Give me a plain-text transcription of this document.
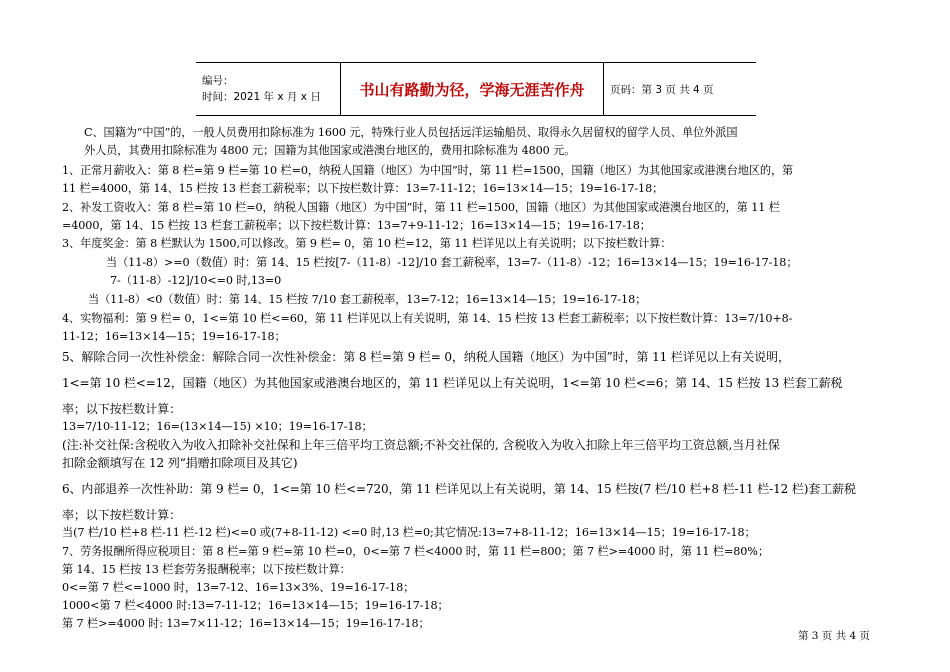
编号：
时间：2021 年 x 月 x 日	书山有路勤为径，学海无涯苦作舟 页码：第 3 页 共 4 页
C、国籍为“中国”的，一般人员费用扣除标准为 1600 元，特殊行业人员包括远洋运输船员、取得永久居留权的留学人员、单位外派国
外人员，其费用扣除标准为 4800 元；国籍为其他国家或港澳台地区的，费用扣除标准为 4800 元。
1、正常月薪收入：第 8 栏=第 9 栏=第 10 栏=0，纳税人国籍（地区）为中国”时，第 11 栏=1500，国籍（地区）为其他国家或港澳台地区的，第
11 栏=4000，第 14、15 栏按 13 栏套工薪税率；以下按栏数计算：13=7-11-12；16=13×14—15；19=16-17-18；
2、补发工资收入：第 8 栏=第 10 栏=0，纳税人国籍（地区）为中国”时，第 11 栏=1500，国籍（地区）为其他国家或港澳台地区的，第 11 栏
=4000，第 14、15 栏按 13 栏套工薪税率；以下按栏数计算：13=7+9-11-12；16=13×14—15；19=16-17-18；
3、年度奖金：第 8 栏默认为 1500,可以修改。第 9 栏= 0，第 10 栏=12，第 11 栏详见以上有关说明；以下按栏数计算：
当（11-8）>=0（数值）时：第 14、15 栏按[7-（11-8）-12]/10 套工薪税率，13=7-（11-8）-12；16=13×14—15；19=16-17-18；
7-（11-8）-12]/10<=0 时,13=0
当（11-8）<0（数值）时：第 14、15 栏按 7/10 套工薪税率，13=7-12；16=13×14—15；19=16-17-18；
4、实物福利：第 9 栏= 0，1<=第 10 栏<=60，第 11 栏详见以上有关说明，第 14、15 栏按 13 栏套工薪税率；以下按栏数计算：13=7/10+8-
11-12；16=13×14—15；19=16-17-18；
5、解除合同一次性补偿金：解除合同一次性补偿金：第 8 栏=第 9 栏= 0，纳税人国籍（地区）为中国”时，第 11 栏详见以上有关说明，
1<=第 10 栏<=12，国籍（地区）为其他国家或港澳台地区的，第 11 栏详见以上有关说明，1<=第 10 栏<=6；第 14、15 栏按 13 栏套工薪税
率；以下按栏数计算：
13=7/10-11-12；16=(13×14—15) ×10；19=16-17-18；
(注:补交社保:含税收入为收入扣除补交社保和上年三倍平均工资总额;不补交社保的, 含税收入为收入扣除上年三倍平均工资总额,当月社保
扣除金额填写在 12 列“捐赠扣除项目及其它)
6、内部退养一次性补助：第 9 栏= 0，1<=第 10 栏<=720，第 11 栏详见以上有关说明，第 14、15 栏按(7 栏/10 栏+8 栏-11 栏-12 栏)套工薪税
率；以下按栏数计算：
当(7 栏/10 栏+8 栏-11 栏-12 栏)<=0 或(7+8-11-12) <=0 时,13 栏=0;其它情况:13=7+8-11-12；16=13×14—15；19=16-17-18；
7、劳务报酬所得应税项目：第 8 栏=第 9 栏=第 10 栏=0，0<=第 7 栏<4000 时，第 11 栏=800；第 7 栏>=4000 时，第 11 栏=80%；
第 14、15 栏按 13 栏套劳务报酬税率；以下按栏数计算：
0<=第 7 栏<=1000 时，13=7-12、16=13×3%、19=16-17-18；
1000<第 7 栏<4000 时:13=7-11-12；16=13×14—15；19=16-17-18；
第 7 栏>=4000 时: 13=7×11-12；16=13×14—15；19=16-17-18；
第 3 页 共 4 页
